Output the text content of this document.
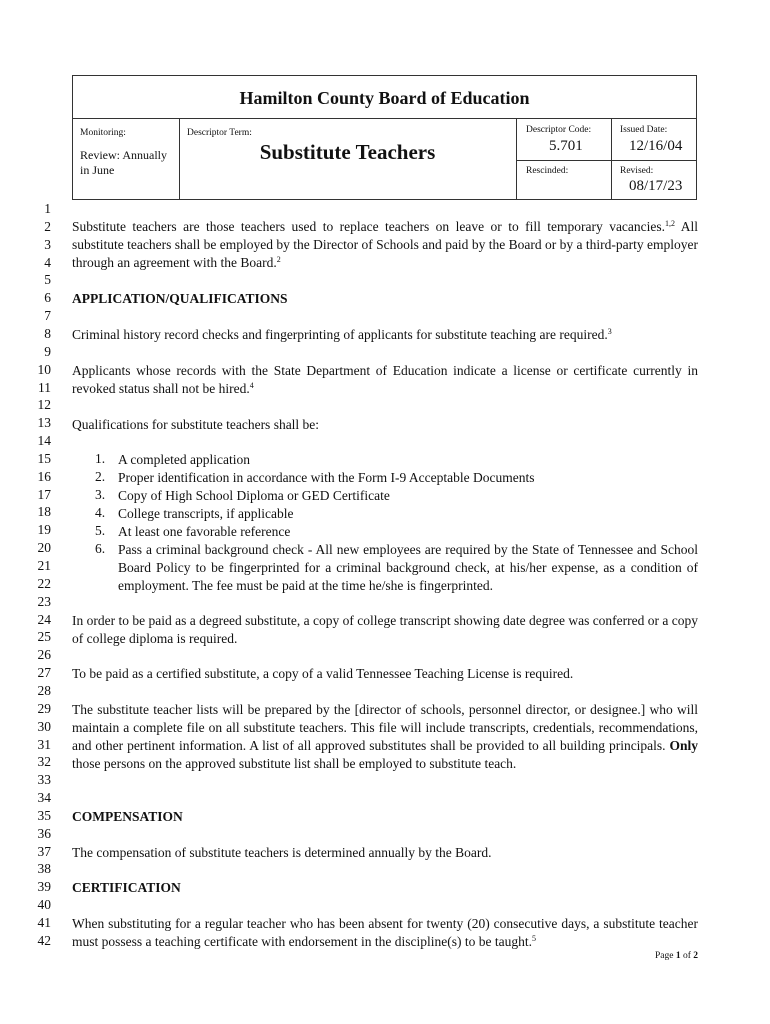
Hamilton County Board of Education
Monitoring:
Review: Annually in June
Descriptor Term:
Substitute Teachers
Descriptor Code:
5.701
Issued Date:
12/16/04
Rescinded:	Revised:
08/17/23
1
2
3
4
5
6
7
8
9
10
11
12
13
14
15
16
17
18
19
20
21
22
23
24
25
26
27
28
29
30
31
32
33
34
35
36
37
38
39
40
41
42
Substitute teachers are those teachers used to replace teachers on leave or to fill temporary vacancies.$^{1,2}$ All substitute teachers shall be employed by the Director of Schools and paid by the Board or by a third-party employer through an agreement with the Board.$^2$
APPLICATION/QUALIFICATIONS
Criminal history record checks and fingerprinting of applicants for substitute teaching are required.$^3$
Applicants whose records with the State Department of Education indicate a license or certificate currently in revoked status shall not be hired.$^4$
Qualifications for substitute teachers shall be:
1. A completed application
2. Proper identification in accordance with the Form I-9 Acceptable Documents
3. Copy of High School Diploma or GED Certificate
4. College transcripts, if applicable
5. At least one favorable reference
6. Pass a criminal background check - All new employees are required by the State of Tennessee and School Board Policy to be fingerprinted for a criminal background check, at his/her expense, as a condition of employment. The fee must be paid at the time he/she is fingerprinted.
In order to be paid as a degreed substitute, a copy of college transcript showing date degree was conferred or a copy of college diploma is required.
To be paid as a certified substitute, a copy of a valid Tennessee Teaching License is required.
The substitute teacher lists will be prepared by the [director of schools, personnel director, or designee.] who will maintain a complete file on all substitute teachers. This file will include transcripts, credentials, recommendations, and other pertinent information. A list of all approved substitutes shall be provided to all building principals. Only those persons on the approved substitute list shall be employed to substitute teach.
COMPENSATION
The compensation of substitute teachers is determined annually by the Board.
CERTIFICATION
When substituting for a regular teacher who has been absent for twenty (20) consecutive days, a substitute teacher must possess a teaching certificate with endorsement in the discipline(s) to be taught.$^5$
Page 1 of 2
